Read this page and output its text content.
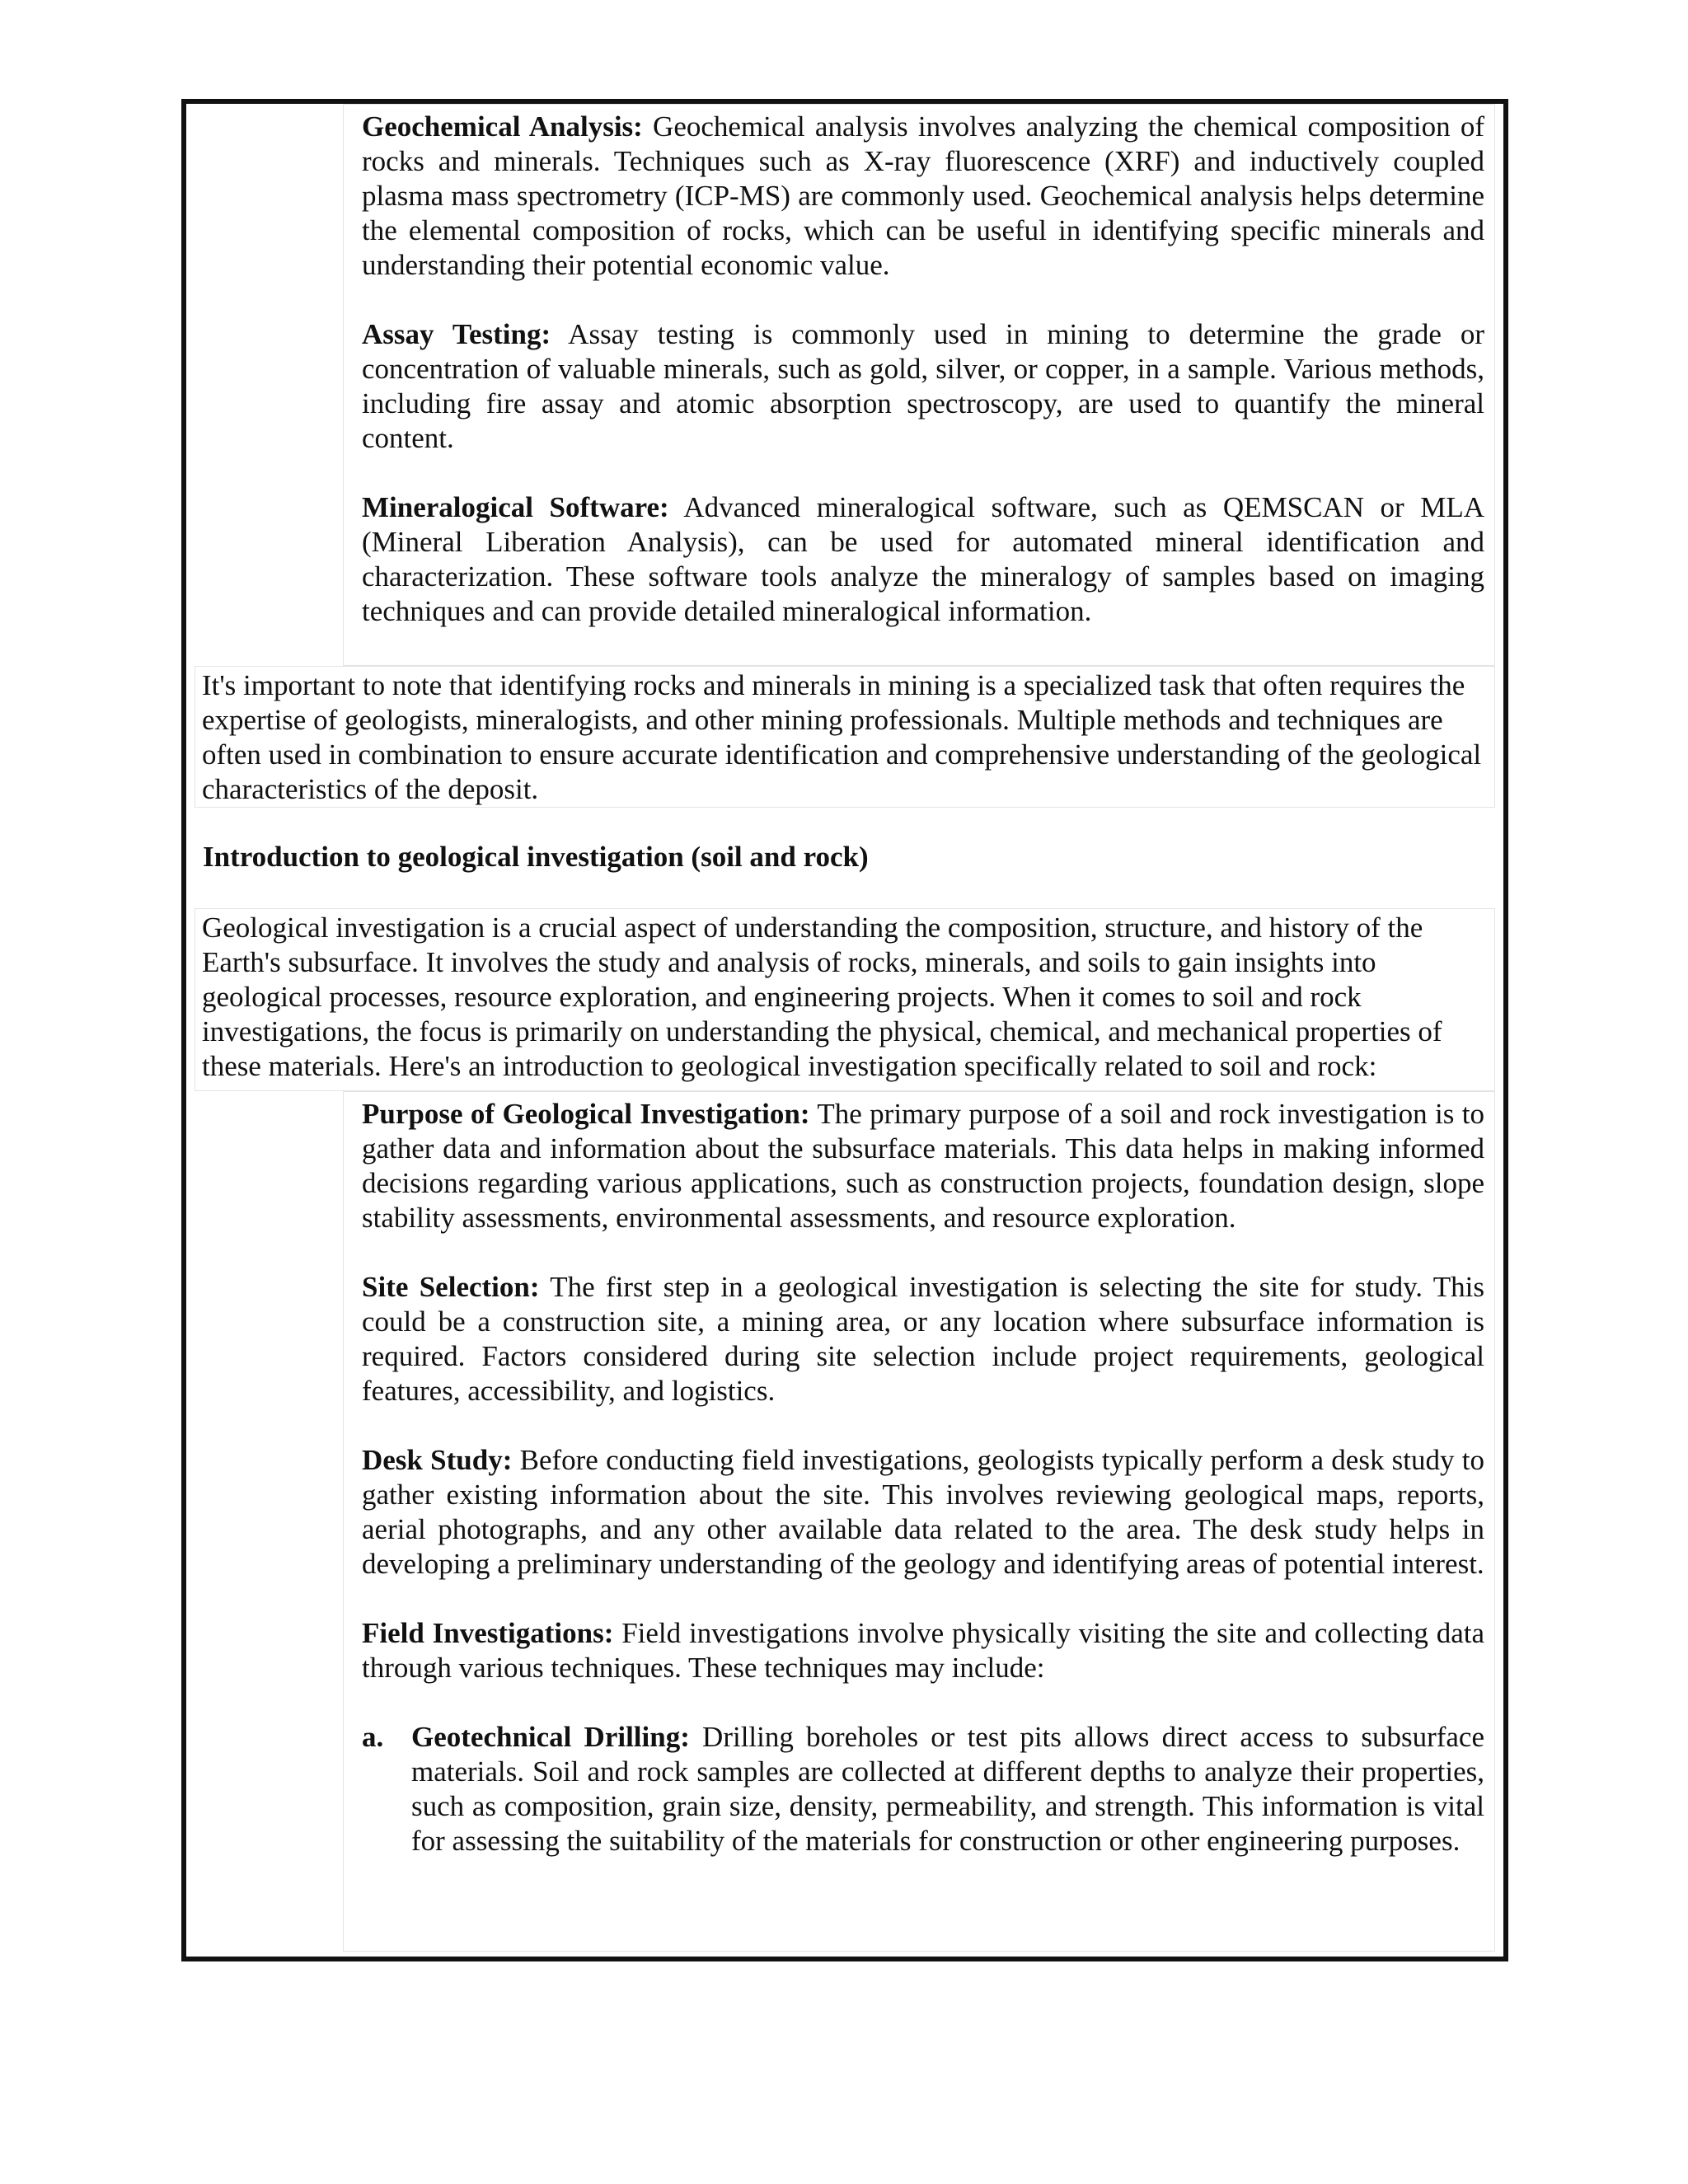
Geochemical Analysis: Geochemical analysis involves analyzing the chemical composition of rocks and minerals. Techniques such as X-ray fluorescence (XRF) and inductively coupled plasma mass spectrometry (ICP-MS) are commonly used. Geochemical analysis helps determine the elemental composition of rocks, which can be useful in identifying specific minerals and understanding their potential economic value.

Assay Testing: Assay testing is commonly used in mining to determine the grade or concentration of valuable minerals, such as gold, silver, or copper, in a sample. Various methods, including fire assay and atomic absorption spectroscopy, are used to quantify the mineral content.

Mineralogical Software: Advanced mineralogical software, such as QEMSCAN or MLA (Mineral Liberation Analysis), can be used for automated mineral identification and characterization. These software tools analyze the mineralogy of samples based on imaging techniques and can provide detailed mineralogical information.

It's important to note that identifying rocks and minerals in mining is a specialized task that often requires the expertise of geologists, mineralogists, and other mining professionals. Multiple methods and techniques are often used in combination to ensure accurate identification and comprehensive understanding of the geological characteristics of the deposit.

Introduction to geological investigation (soil and rock)

Geological investigation is a crucial aspect of understanding the composition, structure, and history of the Earth's subsurface. It involves the study and analysis of rocks, minerals, and soils to gain insights into geological processes, resource exploration, and engineering projects. When it comes to soil and rock investigations, the focus is primarily on understanding the physical, chemical, and mechanical properties of these materials. Here's an introduction to geological investigation specifically related to soil and rock:

Purpose of Geological Investigation: The primary purpose of a soil and rock investigation is to gather data and information about the subsurface materials. This data helps in making informed decisions regarding various applications, such as construction projects, foundation design, slope stability assessments, environmental assessments, and resource exploration.

Site Selection: The first step in a geological investigation is selecting the site for study. This could be a construction site, a mining area, or any location where subsurface information is required. Factors considered during site selection include project requirements, geological features, accessibility, and logistics.

Desk Study: Before conducting field investigations, geologists typically perform a desk study to gather existing information about the site. This involves reviewing geological maps, reports, aerial photographs, and any other available data related to the area. The desk study helps in developing a preliminary understanding of the geology and identifying areas of potential interest.

Field Investigations: Field investigations involve physically visiting the site and collecting data through various techniques. These techniques may include:

a. Geotechnical Drilling: Drilling boreholes or test pits allows direct access to subsurface materials. Soil and rock samples are collected at different depths to analyze their properties, such as composition, grain size, density, permeability, and strength. This information is vital for assessing the suitability of the materials for construction or other engineering purposes.
